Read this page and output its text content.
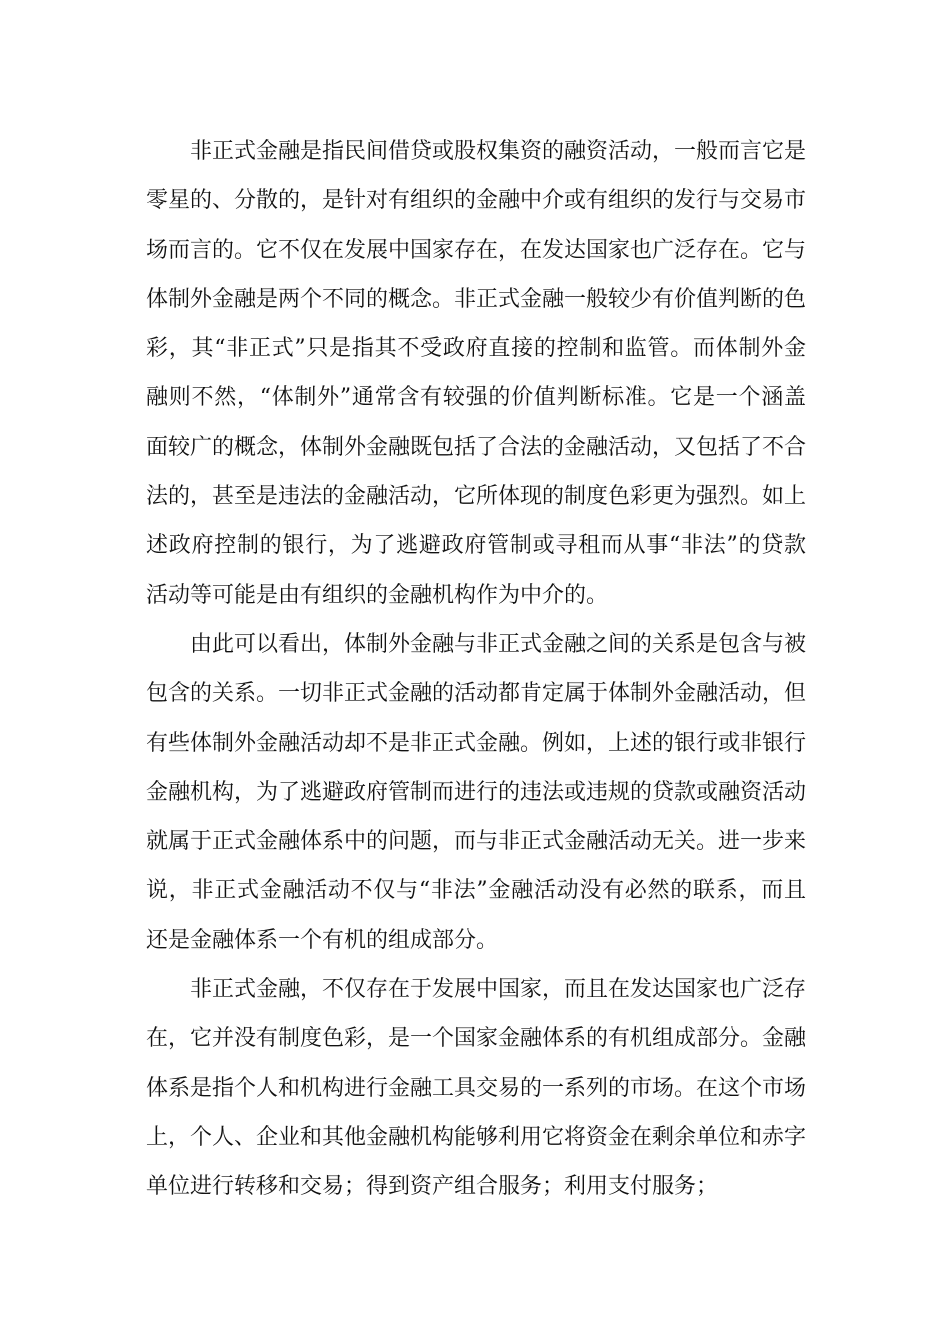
非正式金融是指民间借贷或股权集资的融资活动，一般而言它是零星的、分散的，是针对有组织的金融中介或有组织的发行与交易市场而言的。它不仅在发展中国家存在，在发达国家也广泛存在。它与体制外金融是两个不同的概念。非正式金融一般较少有价值判断的色彩，其“非正式”只是指其不受政府直接的控制和监管。而体制外金融则不然，“体制外”通常含有较强的价值判断标准。它是一个涵盖面较广的概念，体制外金融既包括了合法的金融活动，又包括了不合法的，甚至是违法的金融活动，它所体现的制度色彩更为强烈。如上述政府控制的银行，为了逃避政府管制或寻租而从事“非法”的贷款活动等可能是由有组织的金融机构作为中介的。

由此可以看出，体制外金融与非正式金融之间的关系是包含与被包含的关系。一切非正式金融的活动都肯定属于体制外金融活动，但有些体制外金融活动却不是非正式金融。例如，上述的银行或非银行金融机构，为了逃避政府管制而进行的违法或违规的贷款或融资活动就属于正式金融体系中的问题，而与非正式金融活动无关。进一步来说，非正式金融活动不仅与“非法”金融活动没有必然的联系，而且还是金融体系一个有机的组成部分。

非正式金融，不仅存在于发展中国家，而且在发达国家也广泛存在，它并没有制度色彩，是一个国家金融体系的有机组成部分。金融体系是指个人和机构进行金融工具交易的一系列的市场。在这个市场上，个人、企业和其他金融机构能够利用它将资金在剩余单位和赤字单位进行转移和交易；得到资产组合服务；利用支付服务；
